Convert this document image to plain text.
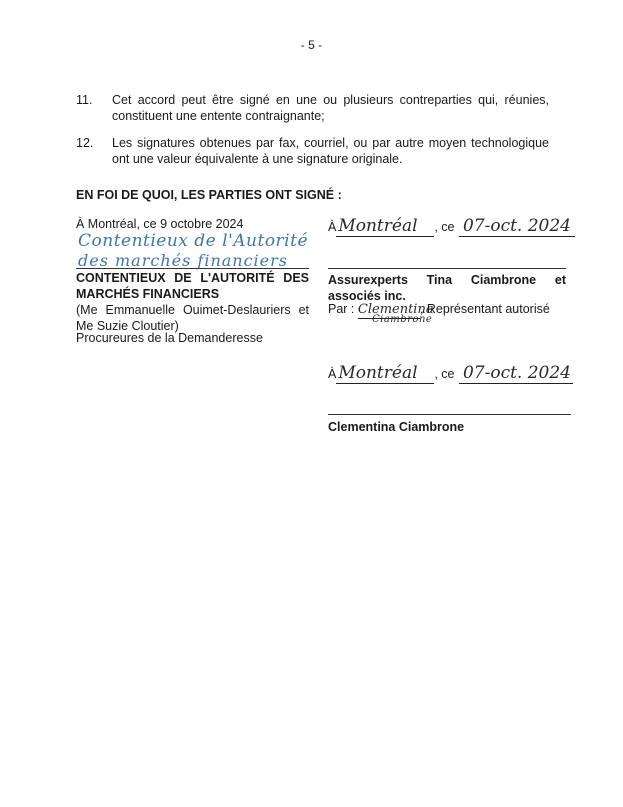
- 5 -
11. Cet accord peut être signé en une ou plusieurs contreparties qui, réunies, constituent une entente contraignante;
12. Les signatures obtenues par fax, courriel, ou par autre moyen technologique ont une valeur équivalente à une signature originale.
EN FOI DE QUOI, LES PARTIES ONT SIGNÉ :
À Montréal, ce 9 octobre 2024
Contentieux de l'Autorité
des marchés financiers
CONTENTIEUX DE L'AUTORITÉ DES MARCHÉS FINANCIERS
(Me Emmanuelle Ouimet-Deslauriers et Me Suzie Cloutier)
Procureures de la Demanderesse
À Montréal , ce 07-oct. 2024
Assurexperts Tina Ciambrone et associés inc.
Par : Clementina, Représentant autorisé
Ciambrone
À Montréal , ce 07-oct. 2024
Clementina Ciambrone
